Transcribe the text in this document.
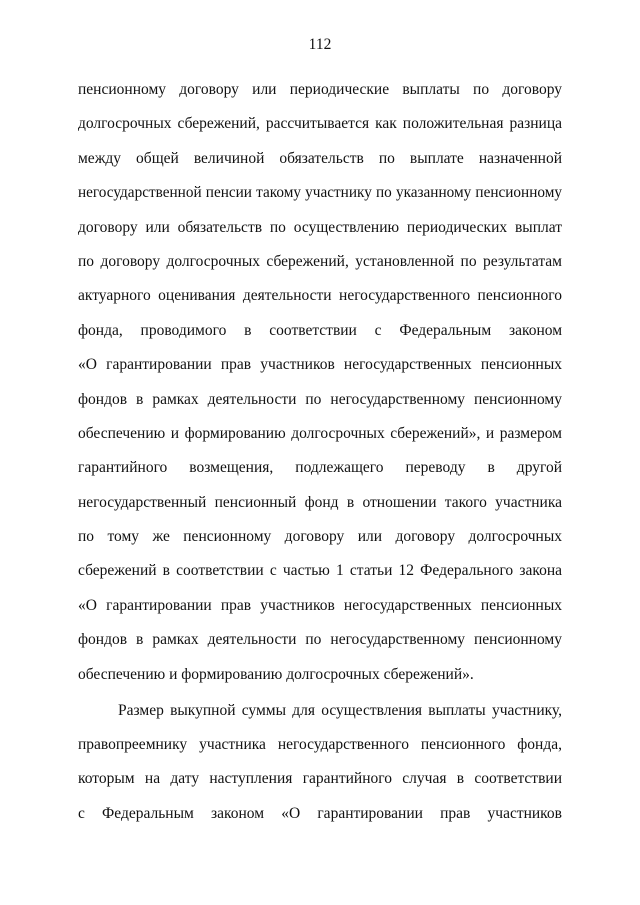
112
пенсионному договору или периодические выплаты по договору
долгосрочных сбережений, рассчитывается как положительная разница
между общей величиной обязательств по выплате назначенной
негосударственной пенсии такому участнику по указанному пенсионному
договору или обязательств по осуществлению периодических выплат
по договору долгосрочных сбережений, установленной по результатам
актуарного оценивания деятельности негосударственного пенсионного
фонда, проводимого в соответствии с Федеральным законом
«О гарантировании прав участников негосударственных пенсионных
фондов в рамках деятельности по негосударственному пенсионному
обеспечению и формированию долгосрочных сбережений», и размером
гарантийного возмещения, подлежащего переводу в другой
негосударственный пенсионный фонд в отношении такого участника
по тому же пенсионному договору или договору долгосрочных
сбережений в соответствии с частью 1 статьи 12 Федерального закона
«О гарантировании прав участников негосударственных пенсионных
фондов в рамках деятельности по негосударственному пенсионному
обеспечению и формированию долгосрочных сбережений».
Размер выкупной суммы для осуществления выплаты участнику,
правопреемнику участника негосударственного пенсионного фонда,
которым на дату наступления гарантийного случая в соответствии
с Федеральным законом «О гарантировании прав участников
